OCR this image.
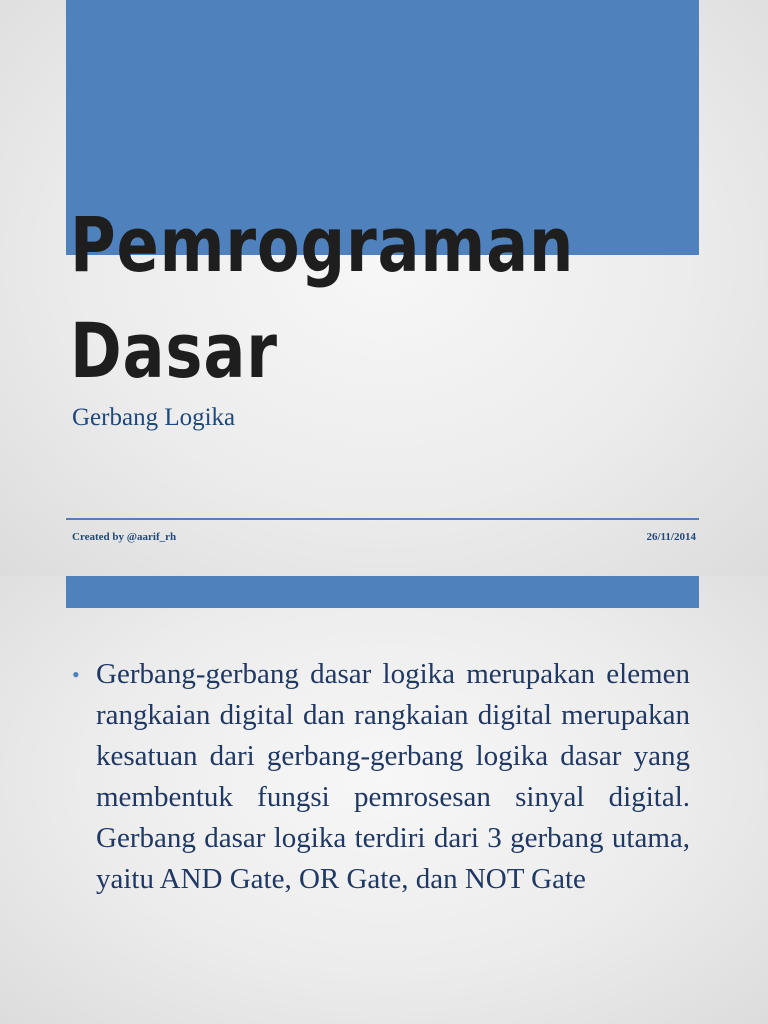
Pemrograman
Dasar
Gerbang Logika
Created by @aarif_rh	26/11/2014
• Gerbang-gerbang dasar logika merupakan elemen rangkaian digital dan rangkaian digital merupakan kesatuan dari gerbang-gerbang logika dasar yang membentuk fungsi pemrosesan sinyal digital. Gerbang dasar logika terdiri dari 3 gerbang utama, yaitu AND Gate, OR Gate, dan NOT Gate
